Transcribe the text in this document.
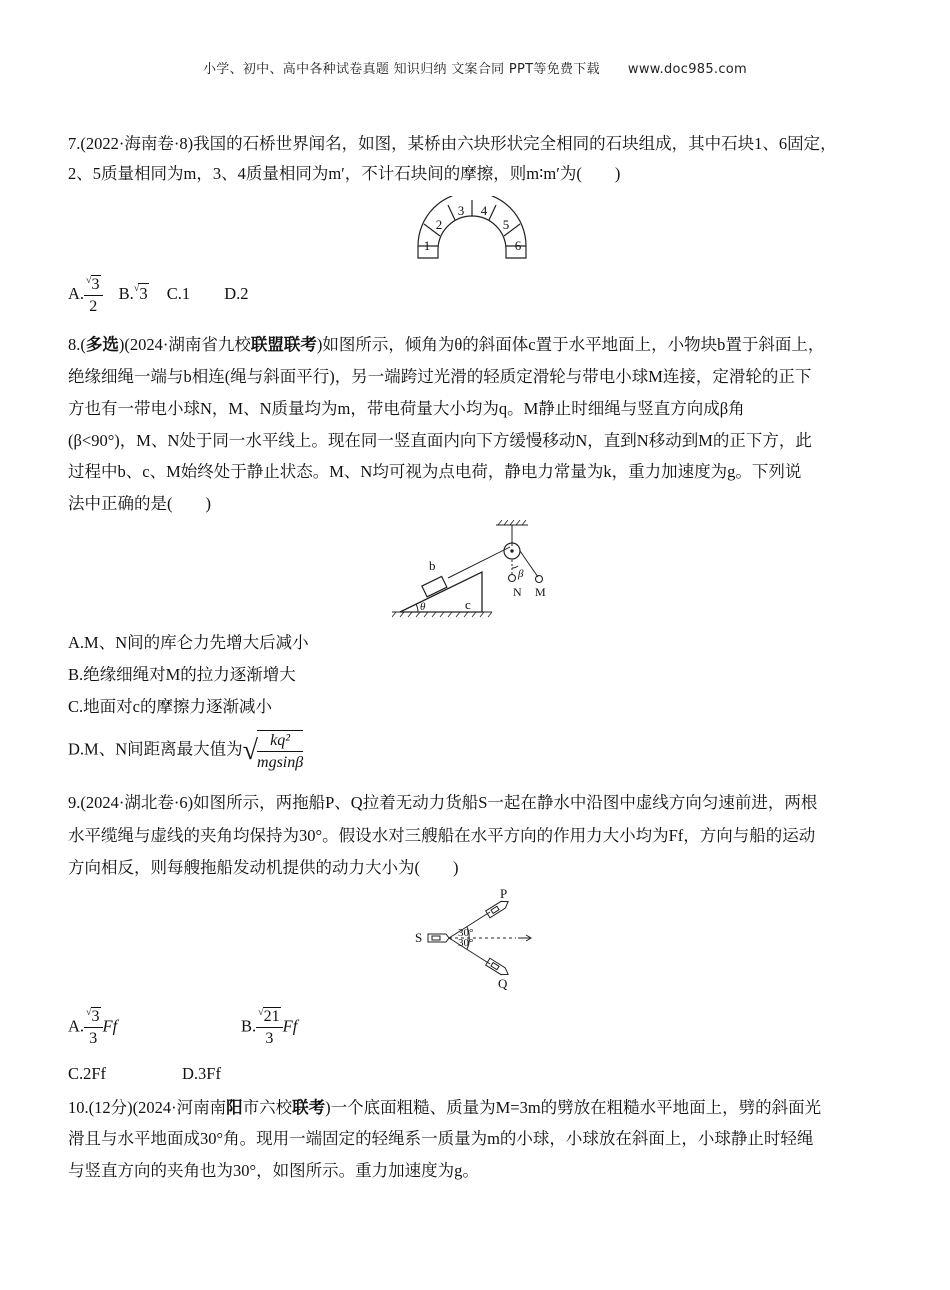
小学、初中、高中各种试卷真题 知识归纳 文案合同 PPT等免费下载 www.doc985.com
7.(2022·海南卷·8)我国的石桥世界闻名，如图，某桥由六块形状完全相同的石块组成，其中石块1、6固定，
2、5质量相同为m，3、4质量相同为m′，不计石块间的摩擦，则m∶m′为(　　)
1
2
3 4
5
6
A. $\frac{^√3}{2} B.^√3$ C.1 D.2
8.(多选)(2024·湖南省九校联盟联考)如图所示，倾角为θ的斜面体c置于水平地面上，小物块b置于斜面上，
绝缘细绳一端与b相连(绳与斜面平行)，另一端跨过光滑的轻质定滑轮与带电小球M连接，定滑轮的正下
方也有一带电小球N，M、N质量均为m，带电荷量大小均为q。M静止时细绳与竖直方向成β角
(β<90°)，M、N处于同一水平线上。现在同一竖直面内向下方缓慢移动N，直到N移动到M的正下方，此
过程中b、c、M始终处于静止状态。M、N均可视为点电荷，静电力常量为k，重力加速度为g。下列说
法中正确的是(　　)
b
c
θ
β
N M
A.M、N间的库仑力先增大后减小
B.绝缘细绳对M的拉力逐渐增大
C.地面对c的摩擦力逐渐减小
D.M、N间距离最大值为√ $\frac{\text{kq²}}{mgsin\beta}$
9.(2024·湖北卷·6)如图所示，两拖船P、Q拉着无动力货船S一起在静水中沿图中虚线方向匀速前进，两根
水平缆绳与虚线的夹角均保持为30°。假设水对三艘船在水平方向的作用力大小均为Ff，方向与船的运动
方向相反，则每艘拖船发动机提供的动力大小为(　　)
P
Q
S	30°
30°
A. $\frac{^√3}{3}$ Ff	B. $\frac{^√21}{3}$ Ff
C.2Ff	D.3Ff
10.(12分)(2024·河南南阳市六校联考)一个底面粗糙、质量为M=3m的劈放在粗糙水平地面上，劈的斜面光
滑且与水平地面成30°角。现用一端固定的轻绳系一质量为m的小球，小球放在斜面上，小球静止时轻绳
与竖直方向的夹角也为30°，如图所示。重力加速度为g。
